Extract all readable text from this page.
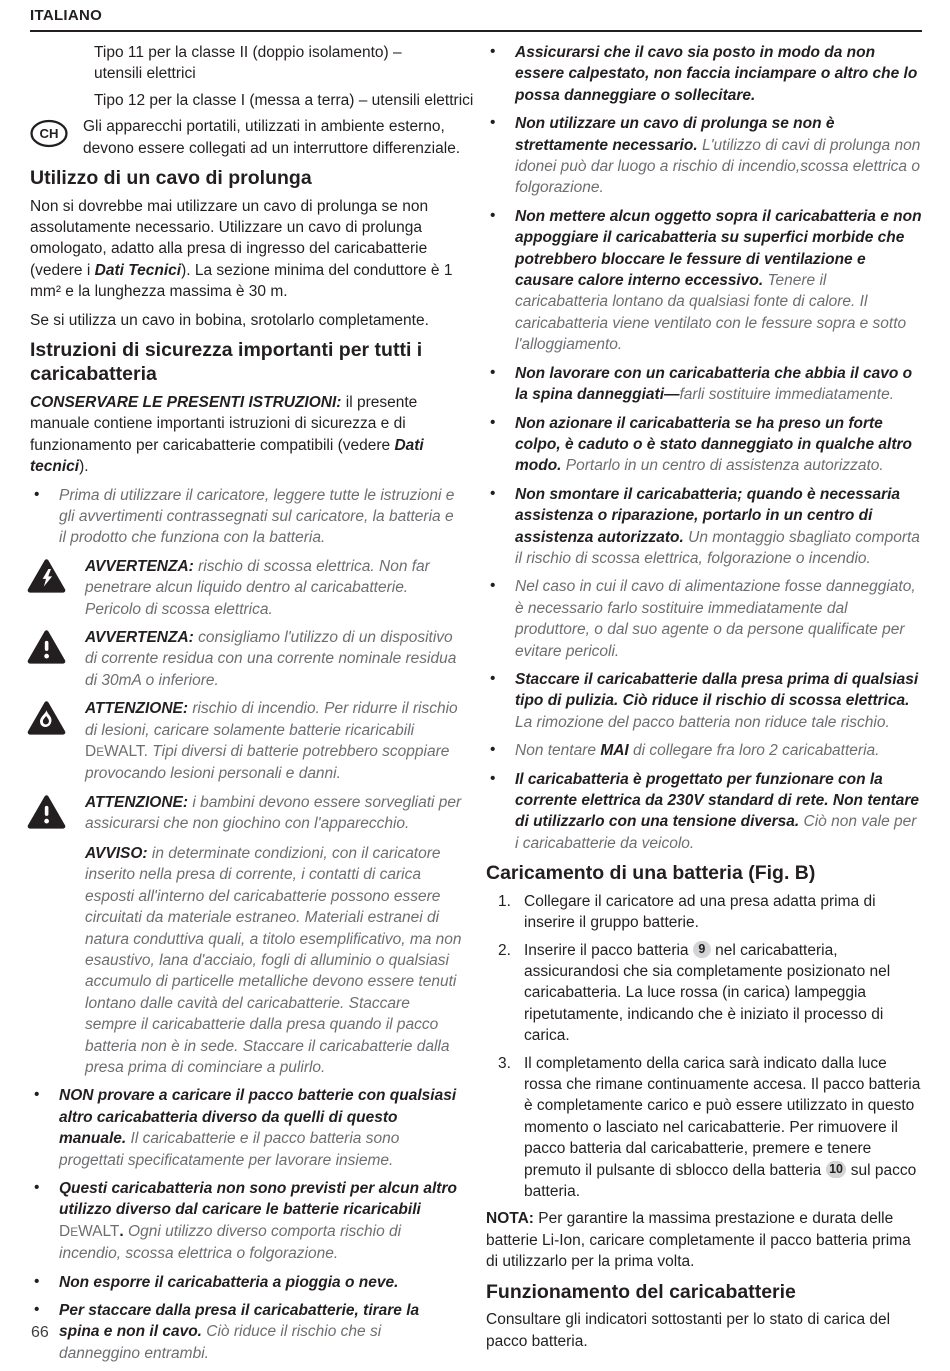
ITALIANO
Tipo 11 per la classe II (doppio isolamento) –
utensili elettrici
Tipo 12 per la classe I (messa a terra) – utensili elettrici
CH Gli apparecchi portatili, utilizzati in ambiente esterno, devono essere collegati ad un interruttore differenziale.
Utilizzo di un cavo di prolunga
Non si dovrebbe mai utilizzare un cavo di prolunga se non assolutamente necessario. Utilizzare un cavo di prolunga omologato, adatto alla presa di ingresso del caricabatterie (vedere i Dati Tecnici). La sezione minima del conduttore è 1 mm² e la lunghezza massima è 30 m.
Se si utilizza un cavo in bobina, srotolarlo completamente.
Istruzioni di sicurezza importanti per tutti i caricabatteria
CONSERVARE LE PRESENTI ISTRUZIONI: il presente manuale contiene importanti istruzioni di sicurezza e di funzionamento per caricabatterie compatibili (vedere Dati tecnici).
• Prima di utilizzare il caricatore, leggere tutte le istruzioni e gli avvertimenti contrassegnati sul caricatore, la batteria e il prodotto che funziona con la batteria.
AVVERTENZA: rischio di scossa elettrica. Non far penetrare alcun liquido dentro al caricabatterie. Pericolo di scossa elettrica.
AVVERTENZA: consigliamo l'utilizzo di un dispositivo di corrente residua con una corrente nominale residua di 30mA o inferiore.
ATTENZIONE: rischio di incendio. Per ridurre il rischio di lesioni, caricare solamente batterie ricaricabili DEWALT. Tipi diversi di batterie potrebbero scoppiare provocando lesioni personali e danni.
ATTENZIONE: i bambini devono essere sorvegliati per assicurarsi che non giochino con l'apparecchio.
AVVISO: in determinate condizioni, con il caricatore inserito nella presa di corrente, i contatti di carica esposti all'interno del caricabatterie possono essere circuitati da materiale estraneo. Materiali estranei di natura conduttiva quali, a titolo esemplificativo, ma non esaustivo, lana d'acciaio, fogli di alluminio o qualsiasi accumulo di particelle metalliche devono essere tenuti lontano dalle cavità del caricabatterie. Staccare sempre il caricabatterie dalla presa quando il pacco batteria non è in sede. Staccare il caricabatterie dalla presa prima di cominciare a pulirlo.
• NON provare a caricare il pacco batterie con qualsiasi altro caricabatteria diverso da quelli di questo manuale. Il caricabatterie e il pacco batteria sono progettati specificatamente per lavorare insieme.
• Questi caricabatteria non sono previsti per alcun altro utilizzo diverso dal caricare le batterie ricaricabili DEWALT. Ogni utilizzo diverso comporta rischio di incendio, scossa elettrica o folgorazione.
• Non esporre il caricabatteria a pioggia o neve.
• Per staccare dalla presa il caricabatterie, tirare la spina e non il cavo. Ciò riduce il rischio che si danneggino entrambi.
• Assicurarsi che il cavo sia posto in modo da non essere calpestato, non faccia inciampare o altro che lo possa danneggiare o sollecitare.
• Non utilizzare un cavo di prolunga se non è strettamente necessario. L'utilizzo di cavi di prolunga non idonei può dar luogo a rischio di incendio,scossa elettrica o folgorazione.
• Non mettere alcun oggetto sopra il caricabatteria e non appoggiare il caricabatteria su superfici morbide che potrebbero bloccare le fessure di ventilazione e causare calore interno eccessivo. Tenere il caricabatteria lontano da qualsiasi fonte di calore. Il caricabatteria viene ventilato con le fessure sopra e sotto l'alloggiamento.
• Non lavorare con un caricabatteria che abbia il cavo o la spina danneggiati—farli sostituire immediatamente.
• Non azionare il caricabatteria se ha preso un forte colpo, è caduto o è stato danneggiato in qualche altro modo. Portarlo in un centro di assistenza autorizzato.
• Non smontare il caricabatteria; quando è necessaria assistenza o riparazione, portarlo in un centro di assistenza autorizzato. Un montaggio sbagliato comporta il rischio di scossa elettrica, folgorazione o incendio.
• Nel caso in cui il cavo di alimentazione fosse danneggiato, è necessario farlo sostituire immediatamente dal produttore, o dal suo agente o da persone qualificate per evitare pericoli.
• Staccare il caricabatterie dalla presa prima di qualsiasi tipo di pulizia. Ciò riduce il rischio di scossa elettrica. La rimozione del pacco batteria non riduce tale rischio.
• Non tentare MAI di collegare fra loro 2 caricabatteria.
• Il caricabatteria è progettato per funzionare con la corrente elettrica da 230V standard di rete. Non tentare di utilizzarlo con una tensione diversa. Ciò non vale per i caricabatterie da veicolo.
Caricamento di una batteria (Fig. B)
1. Collegare il caricatore ad una presa adatta prima di inserire il gruppo batterie.
2. Inserire il pacco batteria 9 nel caricabatteria, assicurandosi che sia completamente posizionato nel caricabatteria. La luce rossa (in carica) lampeggia ripetutamente, indicando che è iniziato il processo di carica.
3. Il completamento della carica sarà indicato dalla luce rossa che rimane continuamente accesa. Il pacco batteria è completamente carico e può essere utilizzato in questo momento o lasciato nel caricabatterie. Per rimuovere il pacco batteria dal caricabatterie, premere e tenere premuto il pulsante di sblocco della batteria 10 sul pacco batteria.
NOTA: Per garantire la massima prestazione e durata delle batterie Li-Ion, caricare completamente il pacco batteria prima di utilizzarlo per la prima volta.
Funzionamento del caricabatterie
Consultare gli indicatori sottostanti per lo stato di carica del pacco batteria.
66
